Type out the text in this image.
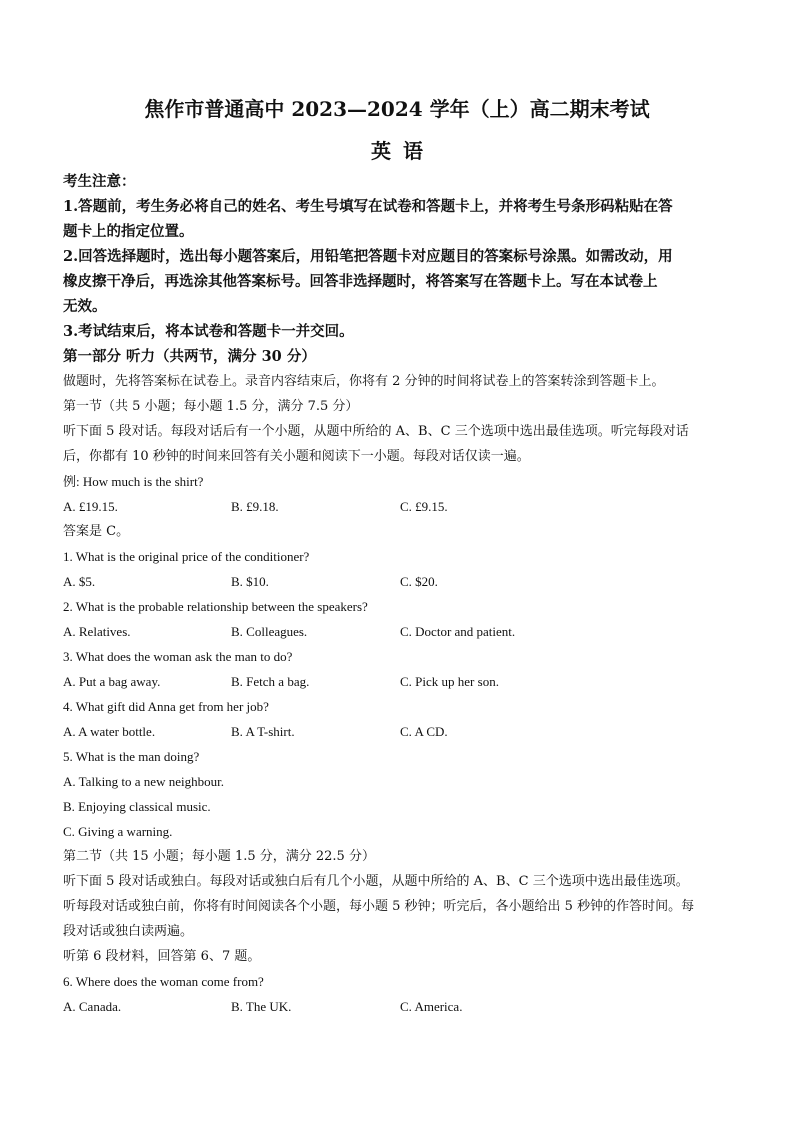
焦作市普通高中 2023—2024 学年（上）高二期末考试
英语
考生注意：
1.答题前，考生务必将自己的姓名、考生号填写在试卷和答题卡上，并将考生号条形码粘贴在答
题卡上的指定位置。
2.回答选择题时，选出每小题答案后，用铅笔把答题卡对应题目的答案标号涂黑。如需改动，用
橡皮擦干净后，再选涂其他答案标号。回答非选择题时，将答案写在答题卡上。写在本试卷上
无效。
3.考试结束后，将本试卷和答题卡一并交回。
第一部分 听力（共两节，满分 30 分）
做题时，先将答案标在试卷上。录音内容结束后，你将有 2 分钟的时间将试卷上的答案转涂到答题卡上。
第一节（共 5 小题；每小题 1.5 分，满分 7.5 分）
听下面 5 段对话。每段对话后有一个小题，从题中所给的 A、B、C 三个选项中选出最佳选项。听完每段对话
后，你都有 10 秒钟的时间来回答有关小题和阅读下一小题。每段对话仅读一遍。
例: How much is the shirt?
A. £19.15.	B. £9.18.	C. £9.15.
答案是 C。
1. What is the original price of the conditioner?
A. $5.	B. $10.	C. $20.
2. What is the probable relationship between the speakers?
A. Relatives.	B. Colleagues.	C. Doctor and patient.
3. What does the woman ask the man to do?
A. Put a bag away.	B. Fetch a bag.	C. Pick up her son.
4. What gift did Anna get from her job?
A. A water bottle.	B. A T-shirt.	C. A CD.
5. What is the man doing?
A. Talking to a new neighbour.
B. Enjoying classical music.
C. Giving a warning.
第二节（共 15 小题；每小题 1.5 分，满分 22.5 分）
听下面 5 段对话或独白。每段对话或独白后有几个小题，从题中所给的 A、B、C 三个选项中选出最佳选项。
听每段对话或独白前，你将有时间阅读各个小题，每小题 5 秒钟；听完后，各小题给出 5 秒钟的作答时间。每
段对话或独白读两遍。
听第 6 段材料，回答第 6、7 题。
6. Where does the woman come from?
A. Canada.	B. The UK.	C. America.
